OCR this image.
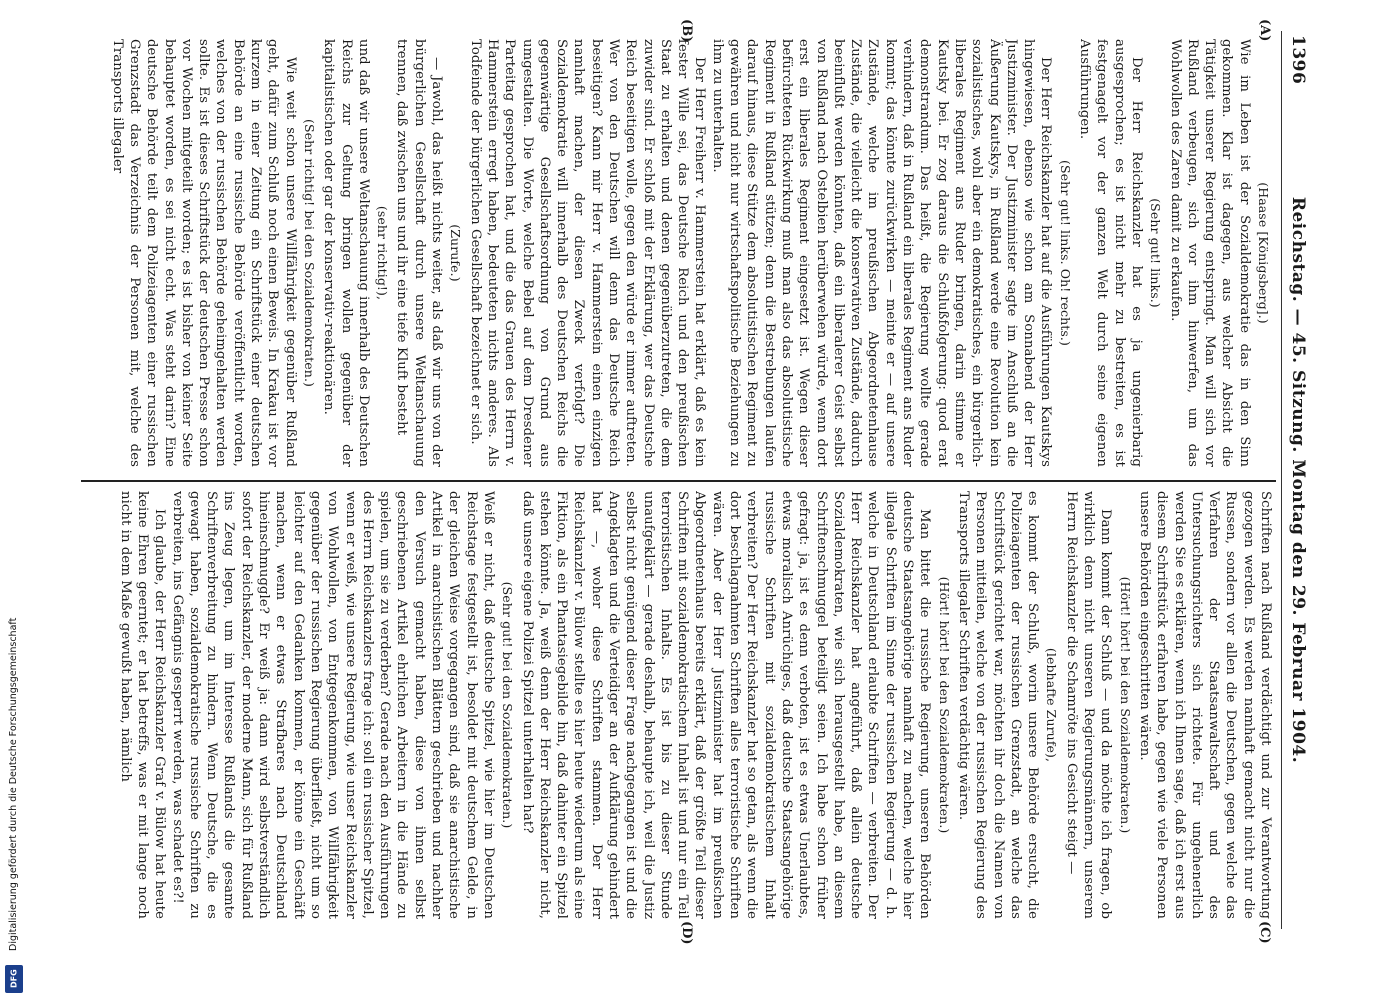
Digitalisierung gefördert durch die Deutsche Forschungsgemeinschaft
DFG
1396
Reichstag. — 45. Sitzung. Montag den 29. Februar 1904.
(A)
(B)
(C)
(D)

(Haase [Königsberg].)

Wie im Leben ist der Sozialdemokratie das in den Sinn gekommen. Klar ist dagegen, aus welcher Absicht die Tätigkeit unserer Regierung entspringt. Man will sich vor Rußland verbeugen, sich vor ihm hinwerfen, um das Wohlwollen des Zaren damit zu erkaufen.

(Sehr gut! links.)

Der Herr Reichskanzler hat es ja ungenierbarig ausgesprochen; es ist nicht mehr zu bestreiten, es ist festgenagelt vor der ganzen Welt durch seine eigenen Ausführungen.

(Sehr gut! links. Oh! rechts.)

Der Herr Reichskanzler hat auf die Ausführungen Kautskys hingewiesen, ebenso wie schon am Sonnabend der Herr Justizminister. Der Justizminister sagte im Anschluß an die Äußerung Kautskys, in Rußland werde eine Revolution kein sozialistisches, wohl aber ein demokratisches, ein bürgerlich-liberales Regiment ans Ruder bringen, darin stimme er Kautsky bei. Er zog daraus die Schlußfolgerung: quod erat demonstrandum. Das heißt, die Regierung wollte gerade verhindern, daß in Rußland ein liberales Regiment ans Ruder kommt; das könnte zurückwirken — meinte er — auf unsere Zustände, welche im preußischen Abgeordnetenhause Zustände, die vielleicht die konservativen Zustände, dadurch beeinflußt werden könnten, daß ein liberalerer Geist selbst von Rußland nach Ostelbien herüberwehen würde, wenn dort erst ein liberales Regiment eingesetzt ist. Wegen dieser befürchteten Rückwirkung muß man also das absolutistische Regiment in Rußland stützen; denn die Bestrebungen laufen darauf hinaus, diese Stütze dem absolutistischen Regiment zu gewähren und nicht nur wirtschaftspolitische Beziehungen zu ihm zu unterhalten.

Der Herr Freiherr v. Hammerstein hat erklärt, daß es kein fester Wille sei, das Deutsche Reich und den preußischen Staat zu erhalten und denen gegenüberzutreten, die dem zuwider sind. Er schloß mit der Erklärung, wer das Deutsche Reich beseitigen wolle, gegen den würde er immer auftreten. Wer von den Deutschen will denn das Deutsche Reich beseitigen? Kann mir Herr v. Hammerstein einen einzigen namhaft machen, der diesen Zweck verfolgt? Die Sozialdemokratie will innerhalb des Deutschen Reichs die gegenwärtige Gesellschaftsordnung von Grund aus umgestalten. Die Worte, welche Bebel auf dem Dresdener Parteitag gesprochen hat, und die das Grauen des Herrn v. Hammerstein erregt haben, bedeuteten nichts anderes. Als Todfeinde der bürgerlichen Gesellschaft bezeichnet er sich.

(Zurufe.)

— Jawohl, das heißt nichts weiter, als daß wir uns von der bürgerlichen Gesellschaft durch unsere Weltanschauung trennen, daß zwischen uns und ihr eine tiefe Kluft besteht

(sehr richtig!),

und daß wir unsere Weltanschauung innerhalb des Deutschen Reichs zur Geltung bringen wollen gegenüber der kapitalistischen oder gar der konservativ-reaktionären.

(Sehr richtig! bei den Sozialdemokraten.)

Wie weit schon unsere Willfährigkeit gegenüber Rußland geht, dafür zum Schluß noch einen Beweis. In Krakau ist vor kurzem in einer Zeitung ein Schriftstück einer deutschen Behörde an eine russische Behörde veröffentlicht worden, welches von der russischen Behörde geheimgehalten werden sollte. Es ist dieses Schriftstück der deutschen Presse schon vor Wochen mitgeteilt worden; es ist bisher von keiner Seite behauptet worden, es sei nicht echt. Was steht darin? Eine deutsche Behörde teilt dem Polizeiagenten einer russischen Grenzstadt das Verzeichnis der Personen mit, welche des Transports illegaler

Schriften nach Rußland verdächtigt und zur Verantwortung gezogen werden. Es werden namhaft gemacht nicht nur die Russen, sondern vor allen die Deutschen, gegen welche das Verfahren der Staatsanwaltschaft und des Untersuchungsrichters sich richtete. Für ungehenerlich werden Sie es erklären, wenn ich Ihnen sage, daß ich erst aus diesem Schriftstück erfahren habe, gegen wie viele Personen unsere Behörden eingeschritten wären.

(Hört! hört! bei den Sozialdemokraten.)

Dann kommt der Schluß — und da möchte ich fragen, ob wirklich denn nicht unseren Regierungsmännern, unserem Herrn Reichskanzler die Schamröte ins Gesicht steigt —

(lebhafte Zurufe),

es kommt der Schluß, worin unsere Behörde ersucht, die Polizeiagenten der russischen Grenzstadt, an welche das Schriftstück gerichtet war, möchten ihr doch die Namen von Personen mitteilen, welche von der russischen Regierung des Transports illegaler Schriften verdächtig wären.

(Hört! hört! bei den Sozialdemokraten.)

Man bittet die russische Regierung, unseren Behörden deutsche Staatsangehörige namhaft zu machen, welche hier illegale Schriften im Sinne der russischen Regierung — d. h. welche in Deutschland erlaubte Schriften — verbreiten. Der Herr Reichskanzler hat angeführt, daß allein deutsche Sozialdemokraten, wie sich herausgestellt habe, an diesem Schriftenschmuggel beteiligt seien. Ich habe schon früher gefragt: ja, ist es denn verboten, ist es etwas Unerlaubtes, etwas moralisch Anrüchiges, daß deutsche Staatsangehörige russische Schriften mit sozialdemokratischem Inhalt verbreiten? Der Herr Reichskanzler hat so getan, als wenn die dort beschlagnahmten Schriften alles terroristische Schriften wären. Aber der Herr Justizminister hat im preußischen Abgeordnetenhaus bereits erklärt, daß der größte Teil dieser Schriften mit sozialdemokratischem Inhalt ist und nur ein Teil terroristischen Inhalts. Es ist bis zu dieser Stunde unaufgeklärt — gerade deshalb, behaupte ich, weil die Justiz selbst nicht genügend dieser Frage nachgegangen ist und die Angeklagten und die Verteidiger an der Aufklärung gehindert hat —, woher diese Schriften stammen. Der Herr Reichskanzler v. Bülow stellte es hier heute wiederum als eine Fiktion, als ein Phantasiegebilde hin, daß dahinter ein Spitzel stehen könnte. Ja, weiß denn der Herr Reichskanzler nicht, daß unsere eigene Polizei Spitzel unterhalten hat?

(Sehr gut! bei den Sozialdemokraten.)

Weiß er nicht, daß deutsche Spitzel, wie hier im Deutschen Reichstage festgestellt ist, besoldet mit deutschem Gelde, in der gleichen Weise vorgegangen sind, daß sie anarchistische Artikel in anarchistischen Blättern geschrieben und nachher den Versuch gemacht haben, diese von ihnen selbst geschriebenen Artikel ehrlichen Arbeitern in die Hände zu spielen, um sie zu verderben? Gerade nach den Ausführungen des Herrn Reichskanzlers frage ich: soll ein russischer Spitzel, wenn er weiß, wie unsere Regierung, wie unser Reichskanzler von Wohlwollen, von Entgegenkommen, von Willfährigkeit gegenüber der russischen Regierung überfließt, nicht um so leichter auf den Gedanken kommen, er könne ein Geschäft machen, wenn er etwas Strafbares nach Deutschland hineinschmuggle? Er weiß ja: dann wird selbstverständlich sofort der Reichskanzler, der moderne Mann, sich für Rußland ins Zeug legen, um im Interesse Rußlands die gesamte Schriftenverbreitung zu hindern. Wenn Deutsche, die es gewagt haben, sozialdemokratische russische Schriften zu verbreiten, ins Gefängnis gesperrt werden, was schadet es?!

Ich glaube, der Herr Reichskanzler Graf v. Bülow hat heute keine Ehren geerntet; er hat betreffs, was er mit lange noch nicht in dem Maße gewußt haben, nämlich
